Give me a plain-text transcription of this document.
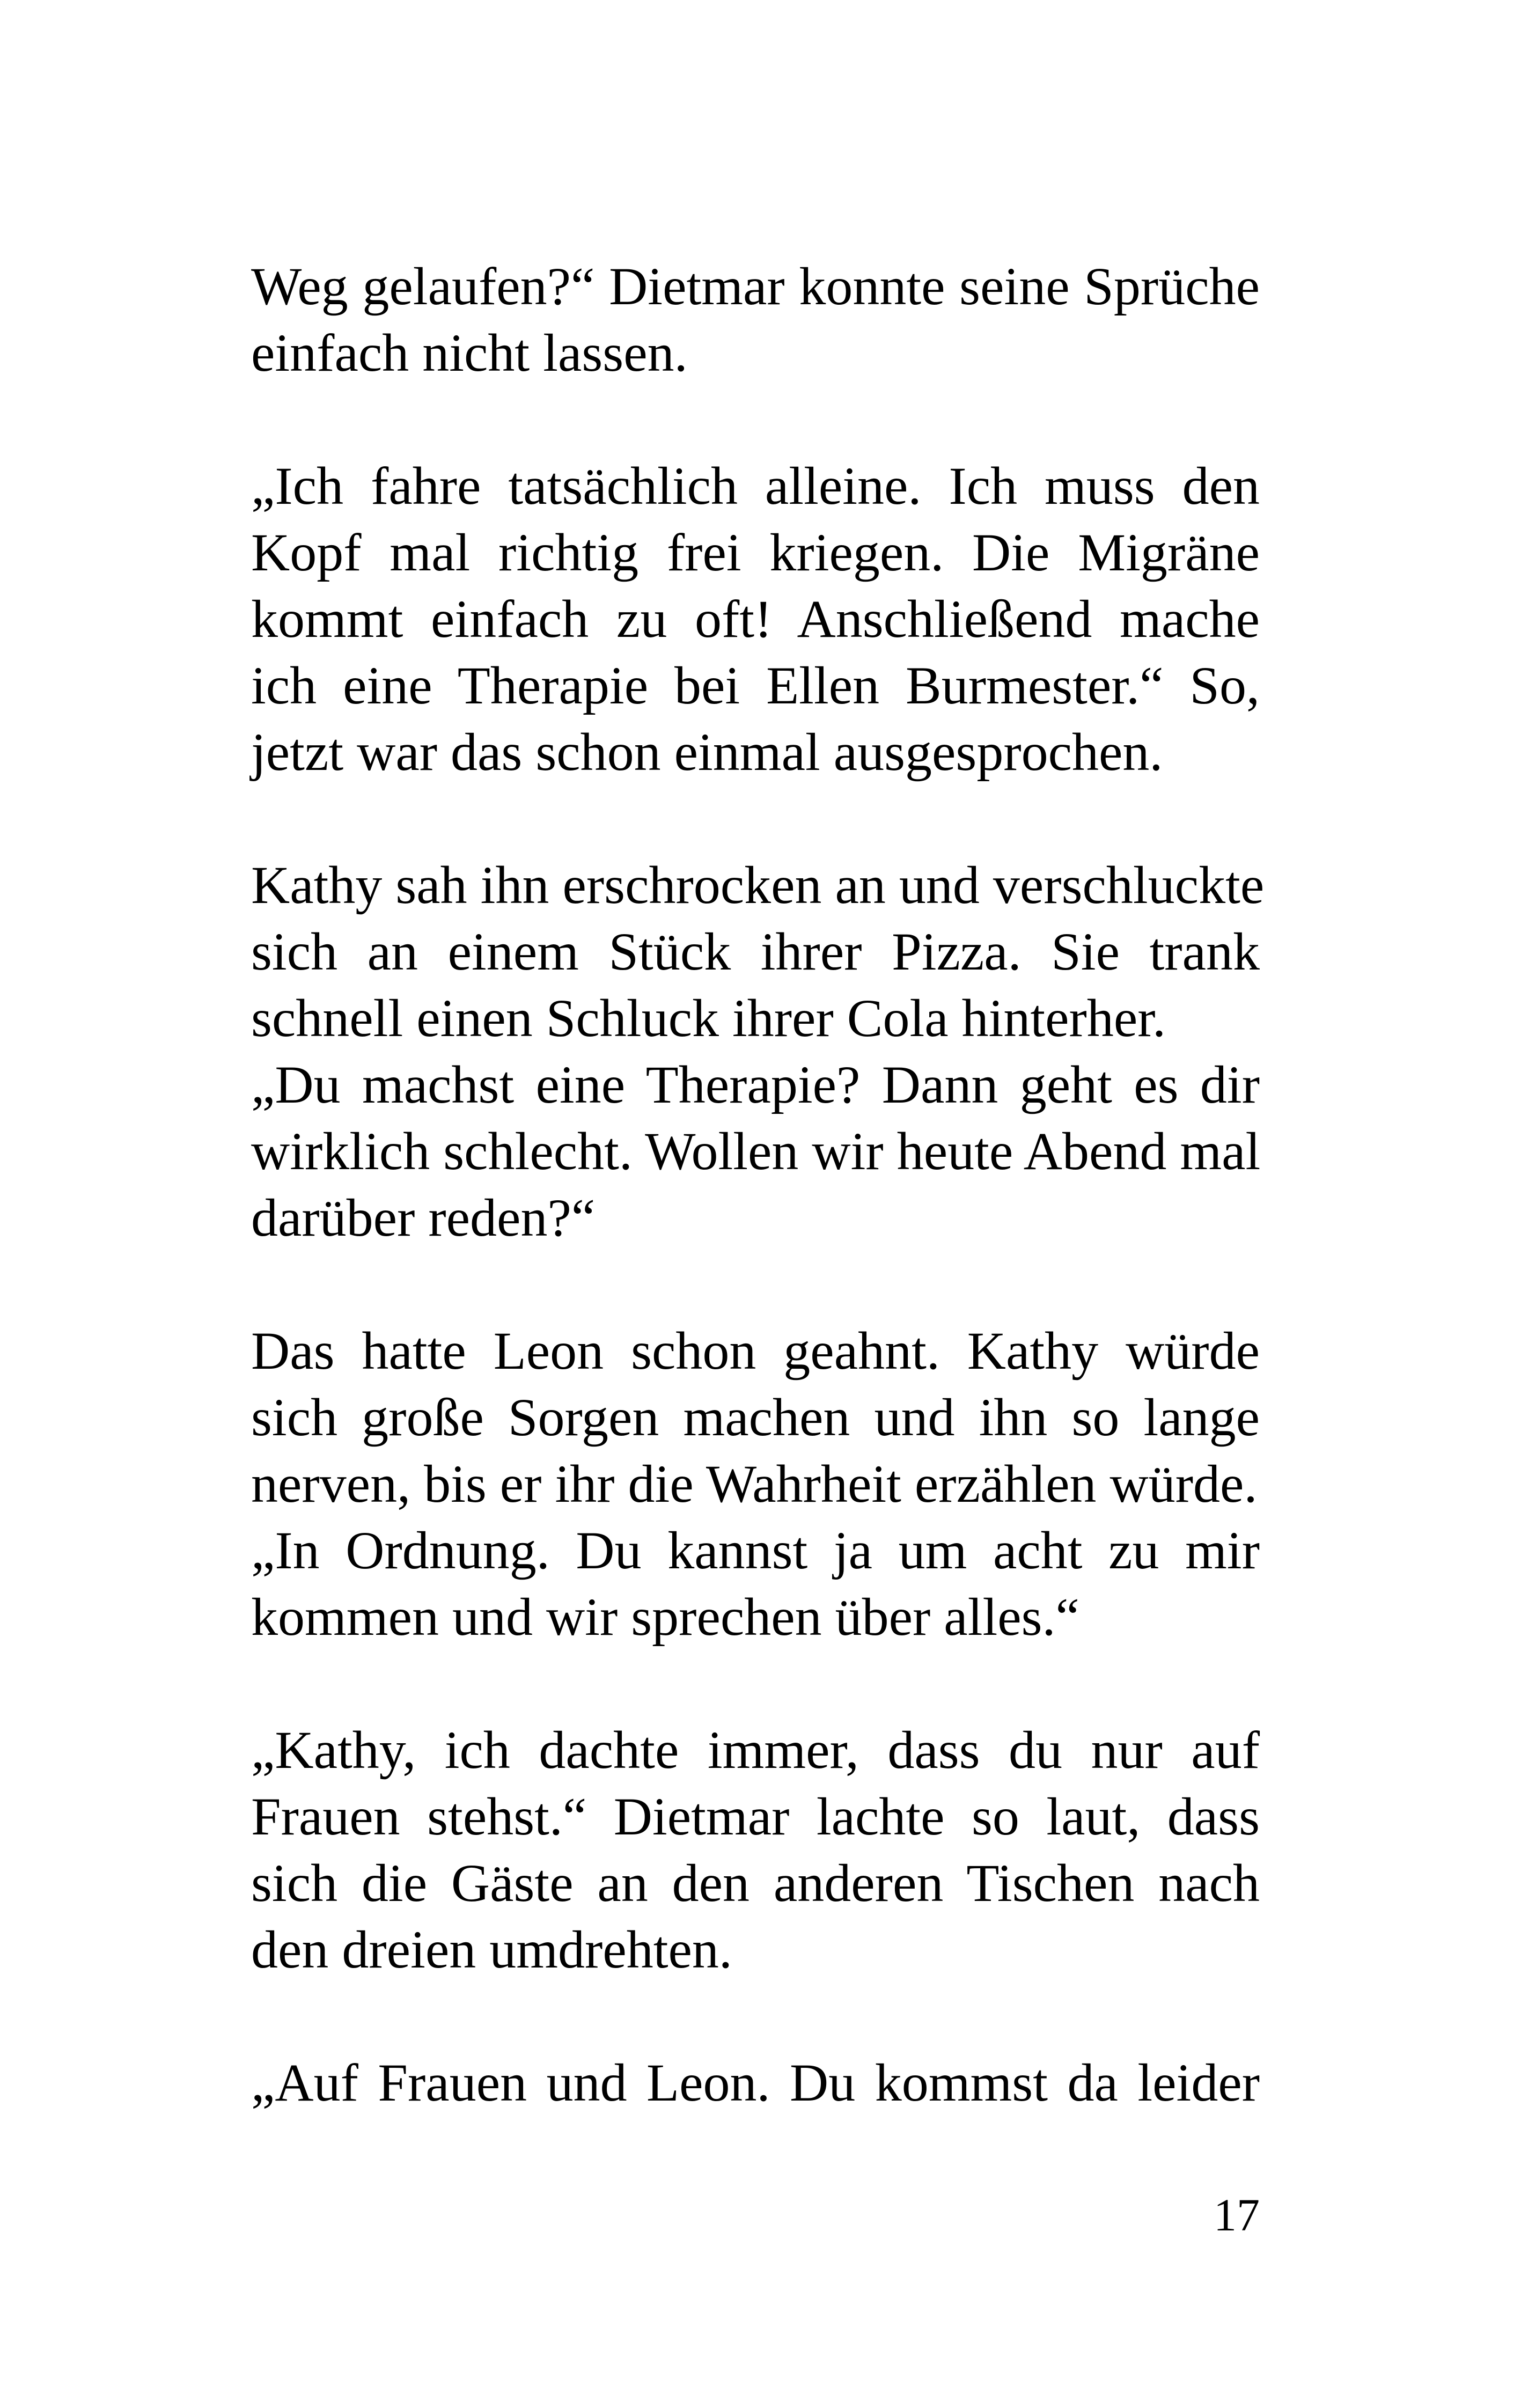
Weg gelaufen?“ Dietmar konnte seine Sprüche
einfach nicht lassen.
„Ich fahre tatsächlich alleine. Ich muss den
Kopf mal richtig frei kriegen. Die Migräne
kommt einfach zu oft! Anschließend mache
ich eine Therapie bei Ellen Burmester.“ So,
jetzt war das schon einmal ausgesprochen.
Kathy sah ihn erschrocken an und verschluckte
sich an einem Stück ihrer Pizza. Sie trank
schnell einen Schluck ihrer Cola hinterher.
„Du machst eine Therapie? Dann geht es dir
wirklich schlecht. Wollen wir heute Abend mal
darüber reden?“
Das hatte Leon schon geahnt. Kathy würde
sich große Sorgen machen und ihn so lange
nerven, bis er ihr die Wahrheit erzählen würde.
„In Ordnung. Du kannst ja um acht zu mir
kommen und wir sprechen über alles.“
„Kathy, ich dachte immer, dass du nur auf
Frauen stehst.“ Dietmar lachte so laut, dass
sich die Gäste an den anderen Tischen nach
den dreien umdrehten.
„Auf Frauen und Leon. Du kommst da leider
17
